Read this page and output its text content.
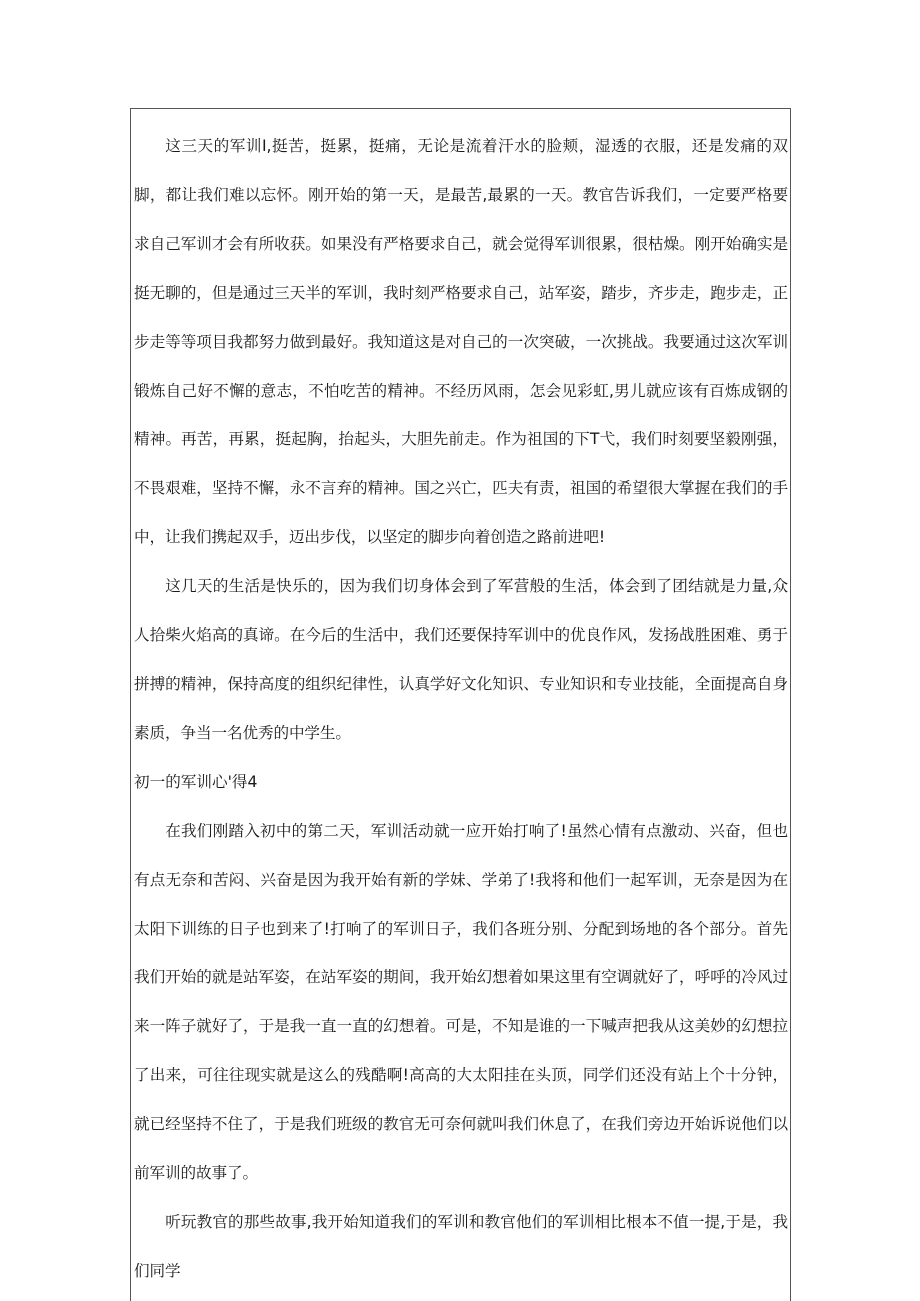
这三天的军训I,挺苦，挺累，挺痛，无论是流着汗水的脸颊，湿透的衣服，还是发痛的双脚，都让我们难以忘怀。刚开始的第一天，是最苦,最累的一天。教官告诉我们，一定要严格要求自己军训才会有所收获。如果没有严格要求自己，就会觉得军训很累，很枯燥。刚开始确实是挺无聊的，但是通过三天半的军训，我时刻严格要求自己，站军姿，踏步，齐步走，跑步走，正步走等等项目我都努力做到最好。我知道这是对自己的一次突破，一次挑战。我要通过这次军训锻炼自己好不懈的意志，不怕吃苦的精神。不经历风雨，怎会见彩虹,男儿就应该有百炼成钢的精神。再苦，再累，挺起胸，抬起头，大胆先前走。作为祖国的下T弋，我们时刻要坚毅刚强，不畏艰难，坚持不懈，永不言弃的精神。国之兴亡，匹夫有责，祖国的希望很大掌握在我们的手中，让我们携起双手，迈出步伐，以坚定的脚步向着创造之路前进吧!

这几天的生活是快乐的，因为我们切身体会到了军营般的生活，体会到了团结就是力量,众人拾柴火焰高的真谛。在今后的生活中，我们还要保持军训中的优良作风，发扬战胜困难、勇于拼搏的精神，保持高度的组织纪律性，认真学好文化知识、专业知识和专业技能，全面提高自身素质，争当一名优秀的中学生。

初一的军训心'得4

在我们刚踏入初中的第二天，军训活动就一应开始打响了!虽然心情有点激动、兴奋，但也有点无奈和苦闷、兴奋是因为我开始有新的学妹、学弟了!我将和他们一起军训，无奈是因为在太阳下训练的日子也到来了!打响了的军训日子，我们各班分别、分配到场地的各个部分。首先我们开始的就是站军姿，在站军姿的期间，我开始幻想着如果这里有空调就好了，呼呼的冷风过来一阵子就好了，于是我一直一直的幻想着。可是，不知是谁的一下喊声把我从这美妙的幻想拉了出来，可往往现实就是这么的残酷啊!高高的大太阳挂在头顶，同学们还没有站上个十分钟，就已经坚持不住了，于是我们班级的教官无可奈何就叫我们休息了，在我们旁边开始诉说他们以前军训的故事了。

听玩教官的那些故事,我开始知道我们的军训和教官他们的军训相比根本不值一提,于是，我们同学
